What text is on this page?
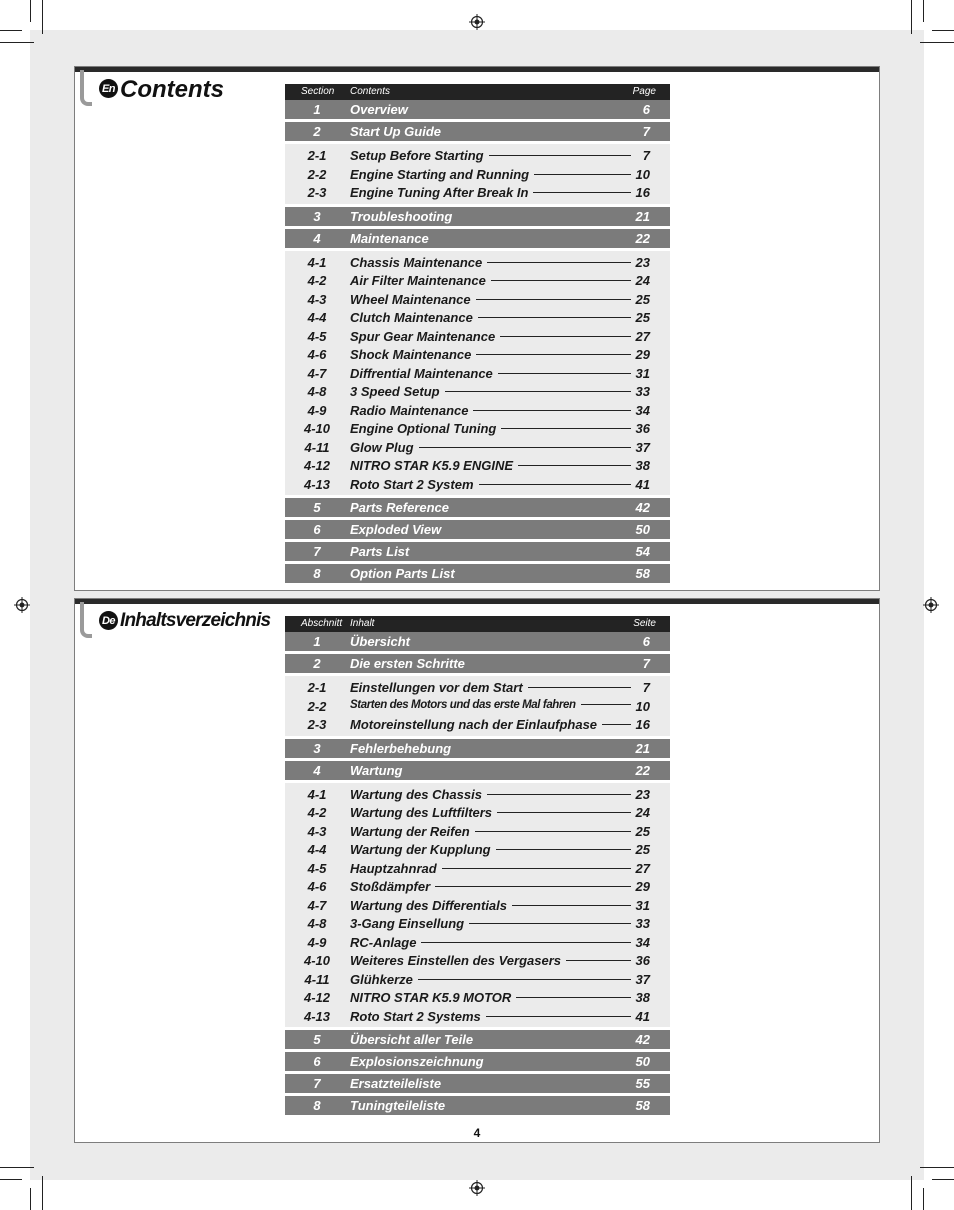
En Contents	Section Contents	Page
1	Overview	6
2	Start Up Guide	7
2-1	Setup Before Starting	7
2-2	Engine Starting and Running	10
2-3	Engine Tuning After Break In	16
3	Troubleshooting	21
4	Maintenance	22
4-1	Chassis Maintenance	23
4-2	Air Filter Maintenance	24
4-3	Wheel Maintenance	25
4-4	Clutch Maintenance	25
4-5	Spur Gear Maintenance	27
4-6	Shock Maintenance	29
4-7	Diffrential Maintenance	31
4-8	3 Speed Setup	33
4-9	Radio Maintenance	34
4-10	Engine Optional Tuning	36
4-11	Glow Plug	37
4-12	NITRO STAR K5.9 ENGINE	38
4-13	Roto Start 2 System	41
5	Parts Reference	42
6	Exploded View	50
7	Parts List	54
8	Option Parts List	58
De Inhaltsverzeichnis	Abschnitt Inhalt	Seite
1	Übersicht	6
2	Die ersten Schritte	7
2-1	Einstellungen vor dem Start	7
2-2	Starten des Motors und das erste Mal fahren	10
2-3	Motoreinstellung nach der Einlaufphase	16
3	Fehlerbehebung	21
4	Wartung	22
4-1	Wartung des Chassis	23
4-2	Wartung des Luftfilters	24
4-3	Wartung der Reifen	25
4-4	Wartung der Kupplung	25
4-5	Hauptzahnrad	27
4-6	Stoßdämpfer	29
4-7	Wartung des Differentials	31
4-8	3-Gang Einsellung	33
4-9	RC-Anlage	34
4-10	Weiteres Einstellen des Vergasers	36
4-11	Glühkerze	37
4-12	NITRO STAR K5.9 MOTOR	38
4-13	Roto Start 2 Systems	41
5	Übersicht aller Teile	42
6	Explosionszeichnung	50
7	Ersatzteileliste	55
8	Tuningteileliste	58
4
